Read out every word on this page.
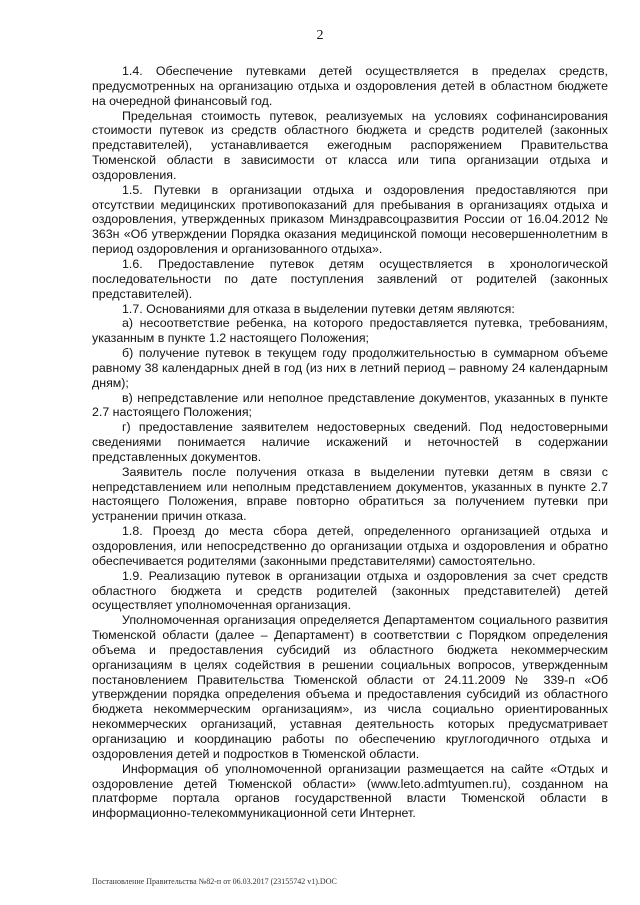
2

1.4. Обеспечение путевками детей осуществляется в пределах средств, предусмотренных на организацию отдыха и оздоровления детей в областном бюджете на очередной финансовый год.

Предельная стоимость путевок, реализуемых на условиях софинансирования стоимости путевок из средств областного бюджета и средств родителей (законных представителей), устанавливается ежегодным распоряжением Правительства Тюменской области в зависимости от класса или типа организации отдыха и оздоровления.

1.5. Путевки в организации отдыха и оздоровления предоставляются при отсутствии медицинских противопоказаний для пребывания в организациях отдыха и оздоровления, утвержденных приказом Минздравсоцразвития России от 16.04.2012 № 363н «Об утверждении Порядка оказания медицинской помощи несовершеннолетним в период оздоровления и организованного отдыха».

1.6. Предоставление путевок детям осуществляется в хронологической последовательности по дате поступления заявлений от родителей (законных представителей).

1.7. Основаниями для отказа в выделении путевки детям являются:

а) несоответствие ребенка, на которого предоставляется путевка, требованиям, указанным в пункте 1.2 настоящего Положения;

б) получение путевок в текущем году продолжительностью в суммарном объеме равному 38 календарных дней в год (из них в летний период – равному 24 календарным дням);

в) непредставление или неполное представление документов, указанных в пункте 2.7 настоящего Положения;

г) предоставление заявителем недостоверных сведений. Под недостоверными сведениями понимается наличие искажений и неточностей в содержании представленных документов.

Заявитель после получения отказа в выделении путевки детям в связи с непредставлением или неполным представлением документов, указанных в пункте 2.7 настоящего Положения, вправе повторно обратиться за получением путевки при устранении причин отказа.

1.8. Проезд до места сбора детей, определенного организацией отдыха и оздоровления, или непосредственно до организации отдыха и оздоровления и обратно обеспечивается родителями (законными представителями) самостоятельно.

1.9. Реализацию путевок в организации отдыха и оздоровления за счет средств областного бюджета и средств родителей (законных представителей) детей осуществляет уполномоченная организация.

Уполномоченная организация определяется Департаментом социального развития Тюменской области (далее – Департамент) в соответствии с Порядком определения объема и предоставления субсидий из областного бюджета некоммерческим организациям в целях содействия в решении социальных вопросов, утвержденным постановлением Правительства Тюменской области от 24.11.2009 № 339-п «Об утверждении порядка определения объема и предоставления субсидий из областного бюджета некоммерческим организациям», из числа социально ориентированных некоммерческих организаций, уставная деятельность которых предусматривает организацию и координацию работы по обеспечению круглогодичного отдыха и оздоровления детей и подростков в Тюменской области.

Информация об уполномоченной организации размещается на сайте «Отдых и оздоровление детей Тюменской области» (www.leto.admtyumen.ru), созданном на платформе портала органов государственной власти Тюменской области в информационно-телекоммуникационной сети Интернет.

Постановление Правительства №82-п от 06.03.2017 (23155742 v1).DOC
